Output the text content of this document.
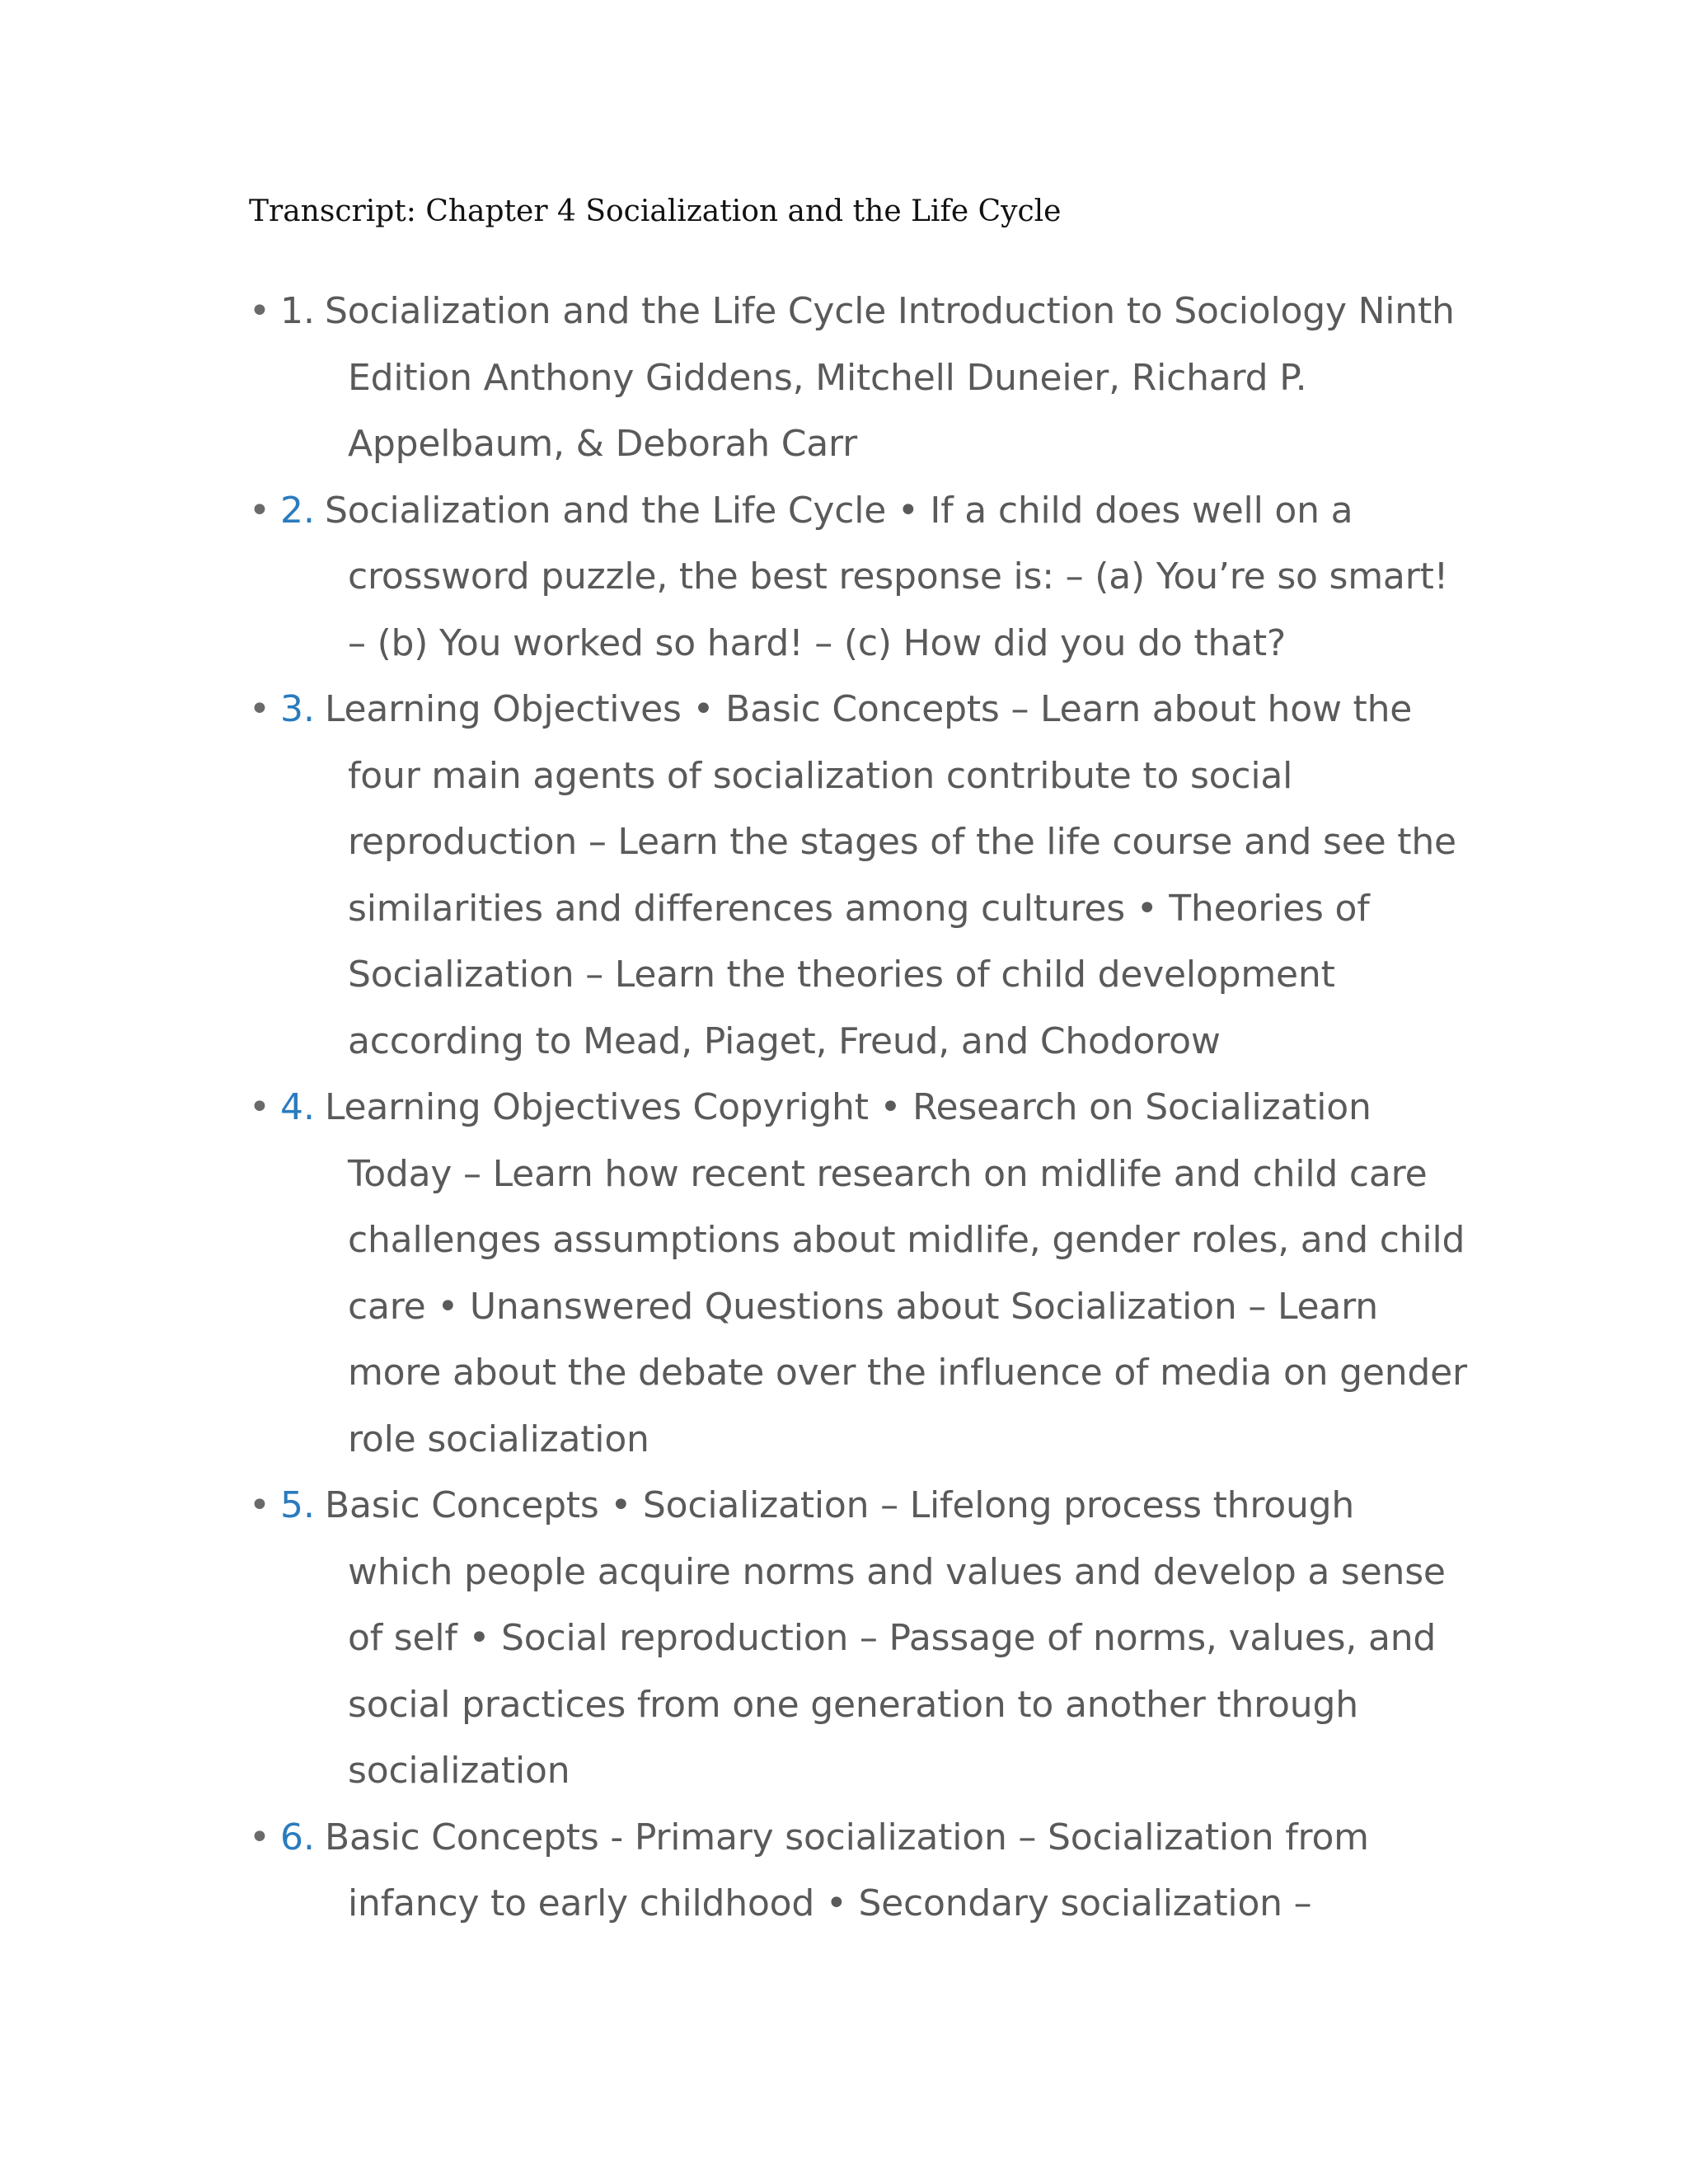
Transcript: Chapter 4 Socialization and the Life Cycle
• 1. Socialization and the Life Cycle Introduction to Sociology Ninth Edition Anthony Giddens, Mitchell Duneier, Richard P. Appelbaum, & Deborah Carr
• 2. Socialization and the Life Cycle • If a child does well on a crossword puzzle, the best response is: – (a) You’re so smart! – (b) You worked so hard! – (c) How did you do that?
• 3. Learning Objectives • Basic Concepts – Learn about how the four main agents of socialization contribute to social reproduction – Learn the stages of the life course and see the similarities and differences among cultures • Theories of Socialization – Learn the theories of child development according to Mead, Piaget, Freud, and Chodorow
• 4. Learning Objectives Copyright • Research on Socialization Today – Learn how recent research on midlife and child care challenges assumptions about midlife, gender roles, and child care • Unanswered Questions about Socialization – Learn more about the debate over the influence of media on gender role socialization
• 5. Basic Concepts • Socialization – Lifelong process through which people acquire norms and values and develop a sense of self • Social reproduction – Passage of norms, values, and social practices from one generation to another through socialization
• 6. Basic Concepts - Primary socialization – Socialization from infancy to early childhood • Secondary socialization –
